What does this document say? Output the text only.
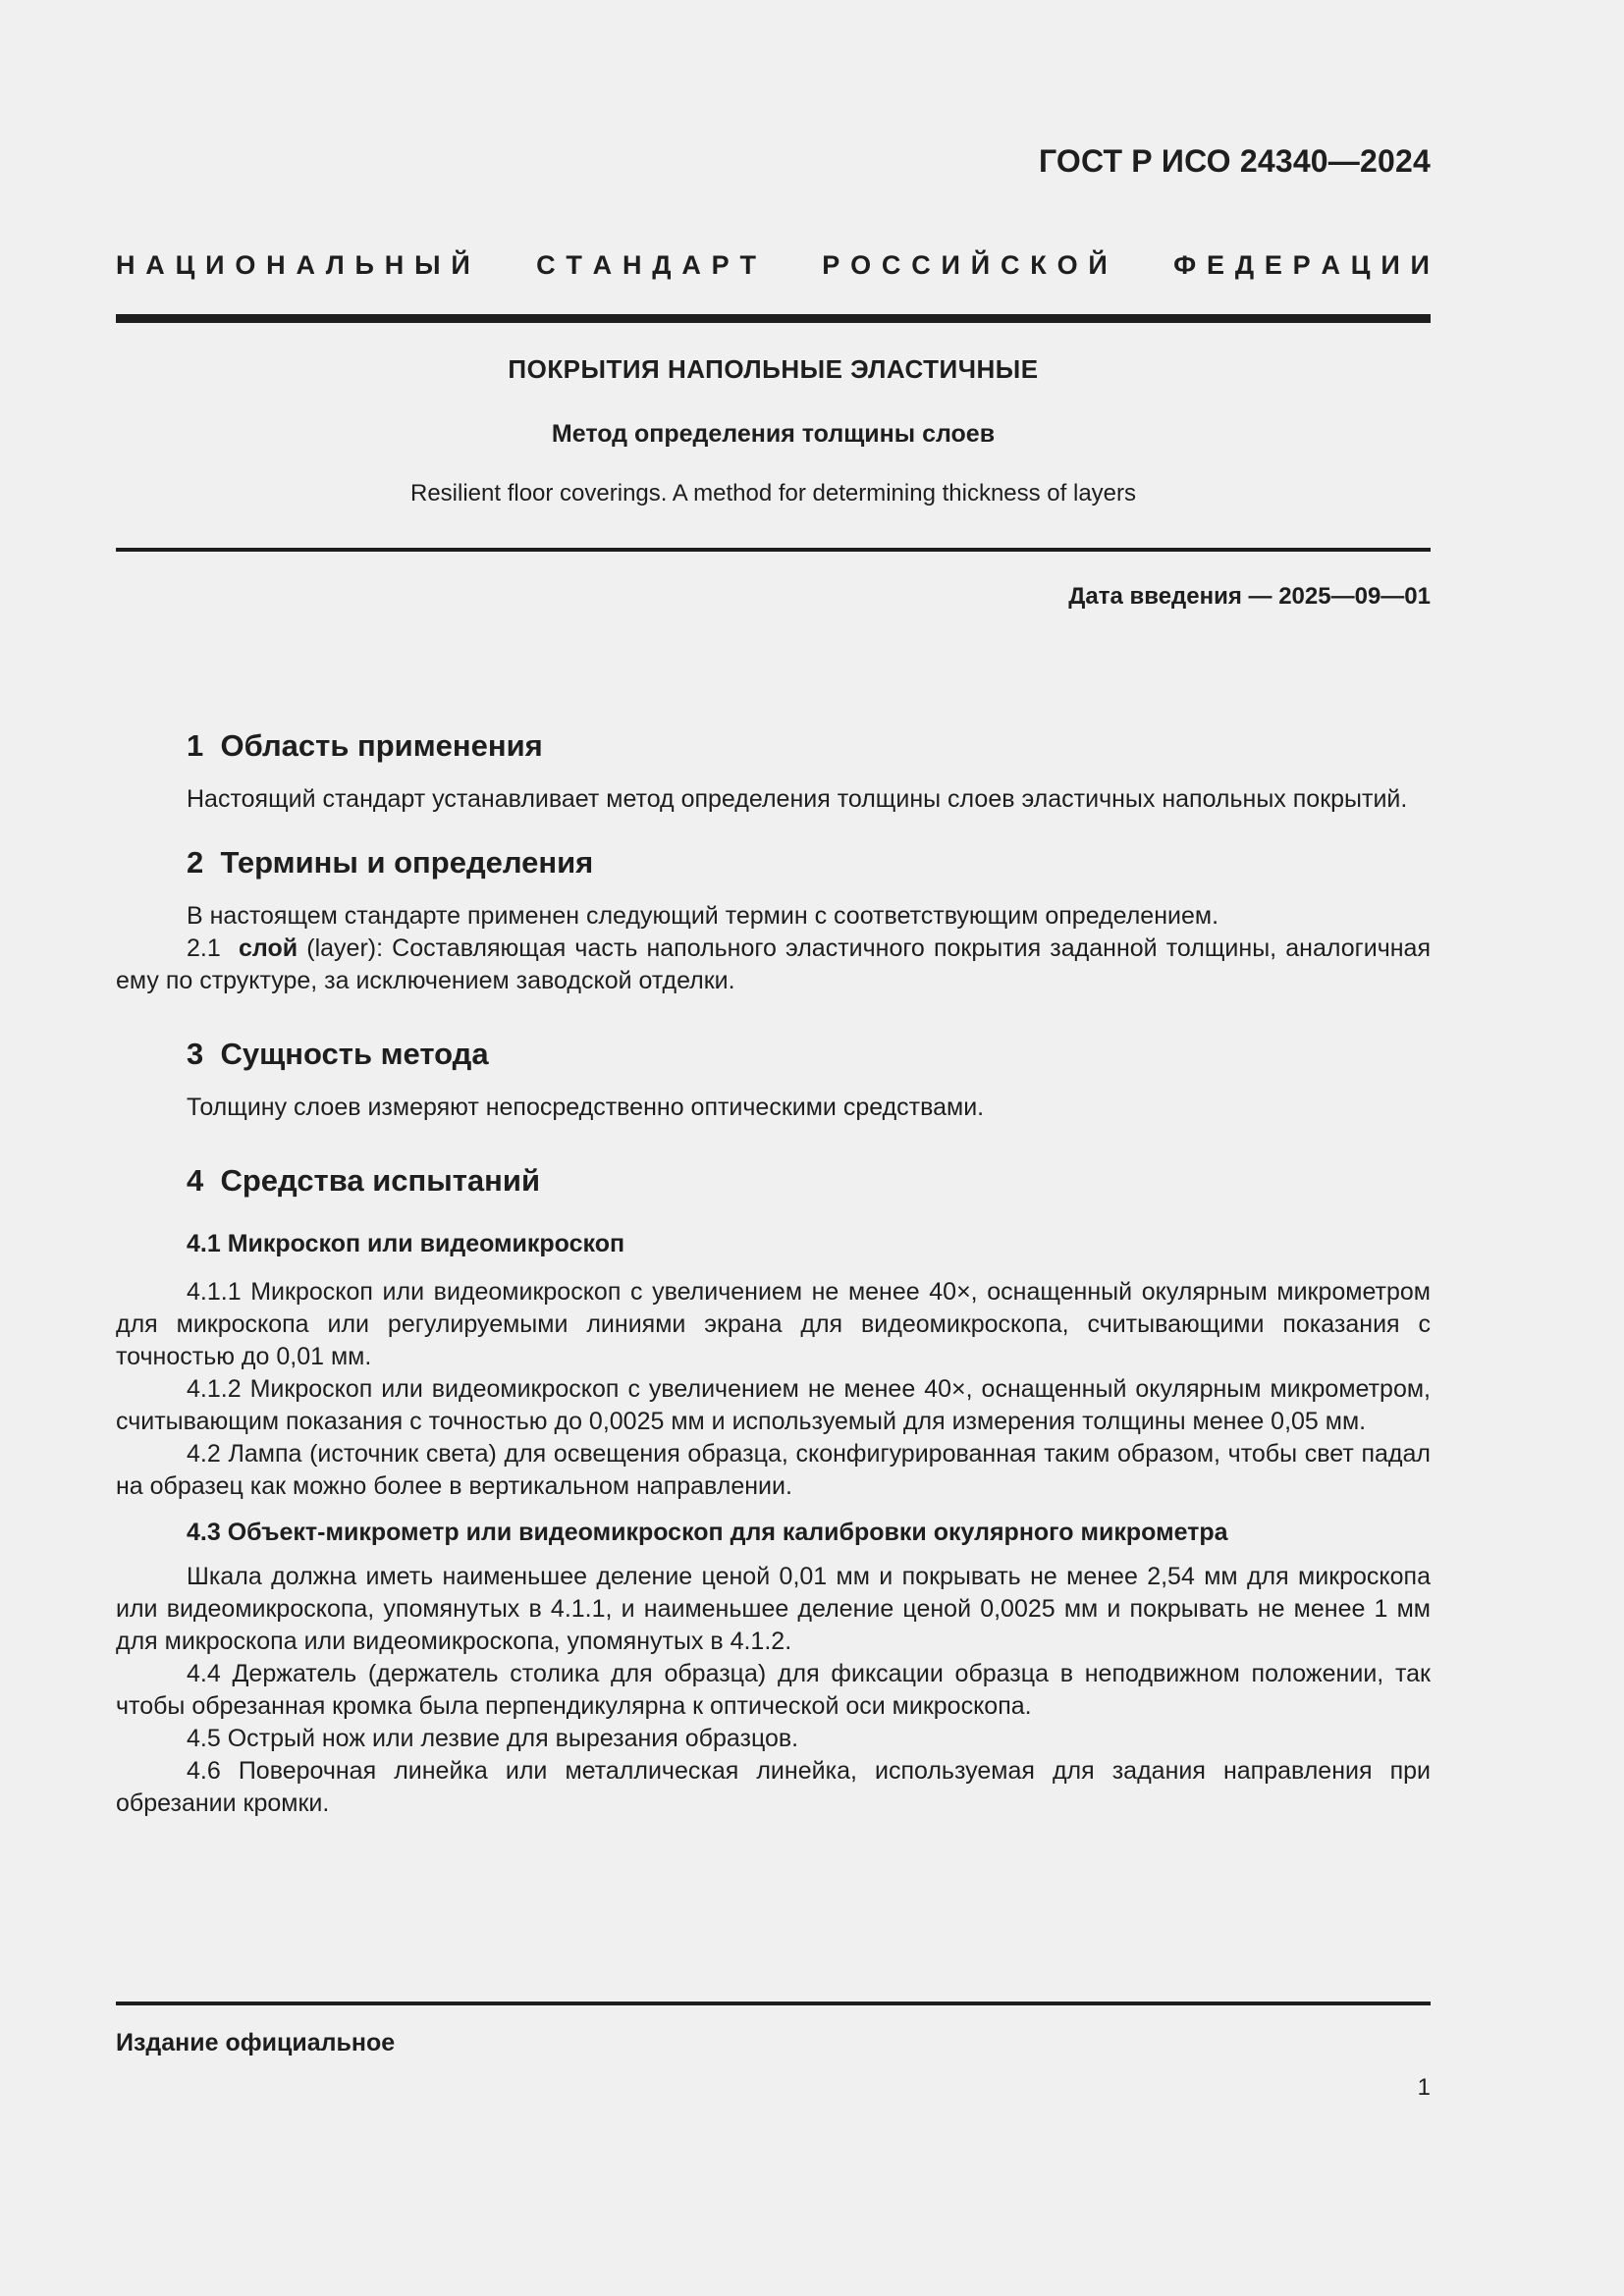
ГОСТ Р ИСО 24340—2024
Н  А  Ц  И  О  Н  А  Л  Ь  Н  Ы  Й С  Т  А  Н  Д  А  Р  Т Р  О  С  С  И  Й  С  К  О  Й Ф  Е  Д  Е  Р  А  Ц  И  И
ПОКРЫТИЯ НАПОЛЬНЫЕ ЭЛАСТИЧНЫЕ
Метод определения толщины слоев
Resilient floor coverings. A method for determining thickness of layers
Дата введения — 2025—09—01
1 Область применения

Настоящий стандарт устанавливает метод определения толщины слоев эластичных напольных покрытий.

2 Термины и определения

В настоящем стандарте применен следующий термин с соответствующим определением.

2.1 слой (layer): Составляющая часть напольного эластичного покрытия заданной толщины, аналогичная ему по структуре, за исключением заводской отделки.

3 Сущность метода

Толщину слоев измеряют непосредственно оптическими средствами.

4 Средства испытаний
4.1 Микроскоп или видеомикроскоп

4.1.1 Микроскоп или видеомикроскоп с увеличением не менее 40×, оснащенный окулярным микрометром для микроскопа или регулируемыми линиями экрана для видеомикроскопа, считывающими показания с точностью до 0,01 мм.

4.1.2 Микроскоп или видеомикроскоп с увеличением не менее 40×, оснащенный окулярным микрометром, считывающим показания с точностью до 0,0025 мм и используемый для измерения толщины менее 0,05 мм.

4.2 Лампа (источник света) для освещения образца, сконфигурированная таким образом, чтобы свет падал на образец как можно более в вертикальном направлении.

4.3 Объект-микрометр или видеомикроскоп для калибровки окулярного микрометра

Шкала должна иметь наименьшее деление ценой 0,01 мм и покрывать не менее 2,54 мм для микроскопа или видеомикроскопа, упомянутых в 4.1.1, и наименьшее деление ценой 0,0025 мм и покрывать не менее 1 мм для микроскопа или видеомикроскопа, упомянутых в 4.1.2.

4.4 Держатель (держатель столика для образца) для фиксации образца в неподвижном положении, так чтобы обрезанная кромка была перпендикулярна к оптической оси микроскопа.

4.5 Острый нож или лезвие для вырезания образцов.

4.6 Поверочная линейка или металлическая линейка, используемая для задания направления при обрезании кромки.

Издание официальное
1
